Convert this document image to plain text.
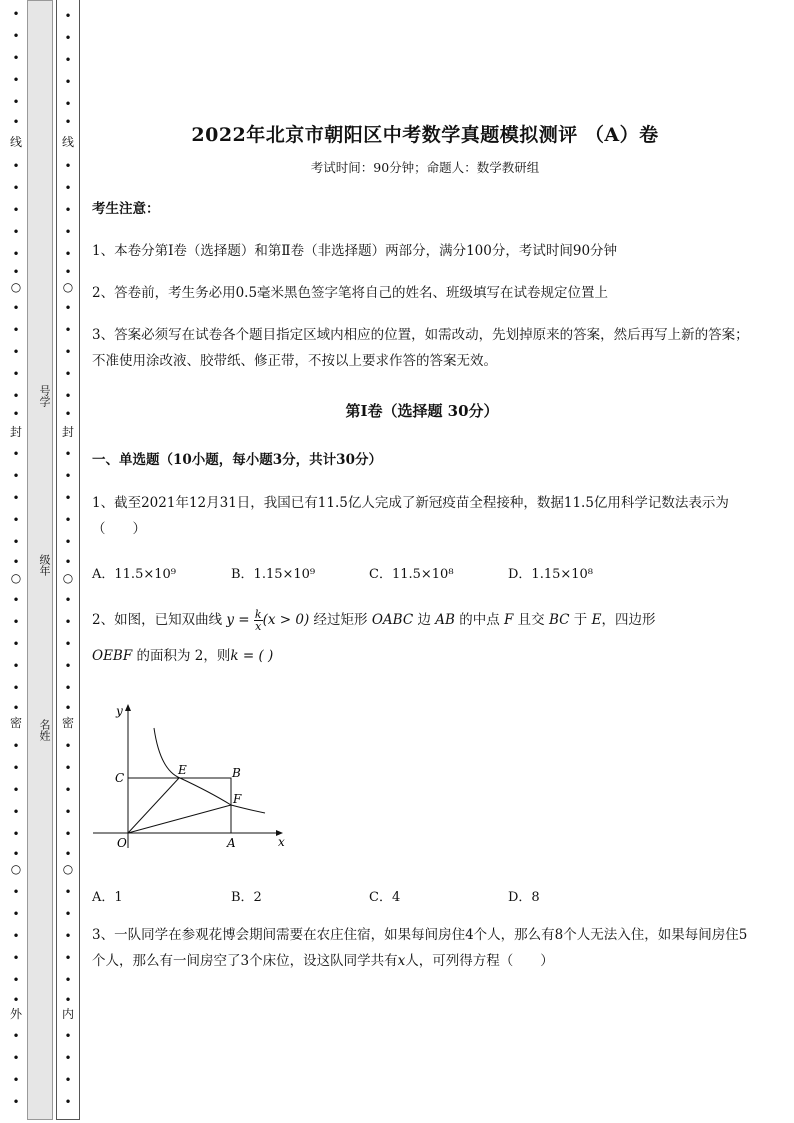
•
•
•
•
•
•
线
•
•
•
•
•
•
○
•
•
•
•
•
•
封
•
•
•
•
•
•
○
•
•
•
•
•
•
密
•
•
•
•
•
•
○
•
•
•
•
•
•
外
•
•
•
•
号学
级年
名姓
•
•
•
•
•
•
线
•
•
•
•
•
•
○
•
•
•
•
•
•
封
•
•
•
•
•
•
○
•
•
•
•
•
•
密
•
•
•
•
•
•
○
•
•
•
•
•
•
内
•
•
•
•
2022年北京市朝阳区中考数学真题模拟测评 （A）卷
考试时间：90分钟；命题人：数学教研组
考生注意：
1、本卷分第I卷（选择题）和第Ⅱ卷（非选择题）两部分，满分100分，考试时间90分钟
2、答卷前，考生务必用0.5毫米黑色签字笔将自己的姓名、班级填写在试卷规定位置上
3、答案必须写在试卷各个题目指定区域内相应的位置，如需改动，先划掉原来的答案，然后再写上新的答案；不准使用涂改液、胶带纸、修正带，不按以上要求作答的答案无效。
第I卷（选择题 30分）
一、单选题（10小题，每小题3分，共计30分）
1、截至2021年12月31日，我国已有11.5亿人完成了新冠疫苗全程接种，数据11.5亿用科学记数法表示为（　　）
A．11.5×10⁹	B．1.15×10⁹	C．11.5×10⁸	D．1.15×10⁸
2、如图，已知双曲线 $y = \frac{k}{x} (x > 0)$ 经过矩形 OABC 边 AB 的中点 F 且交 BC 于 E，四边形
OEBF 的面积为 2，则k = ( )
y
x
O	A
B
C
E
F
A．1	B．2	C．4	D．8
3、一队同学在参观花博会期间需要在农庄住宿，如果每间房住4个人，那么有8个人无法入住，如果每间房住5个人，那么有一间房空了3个床位，设这队同学共有x人，可列得方程（　　）
